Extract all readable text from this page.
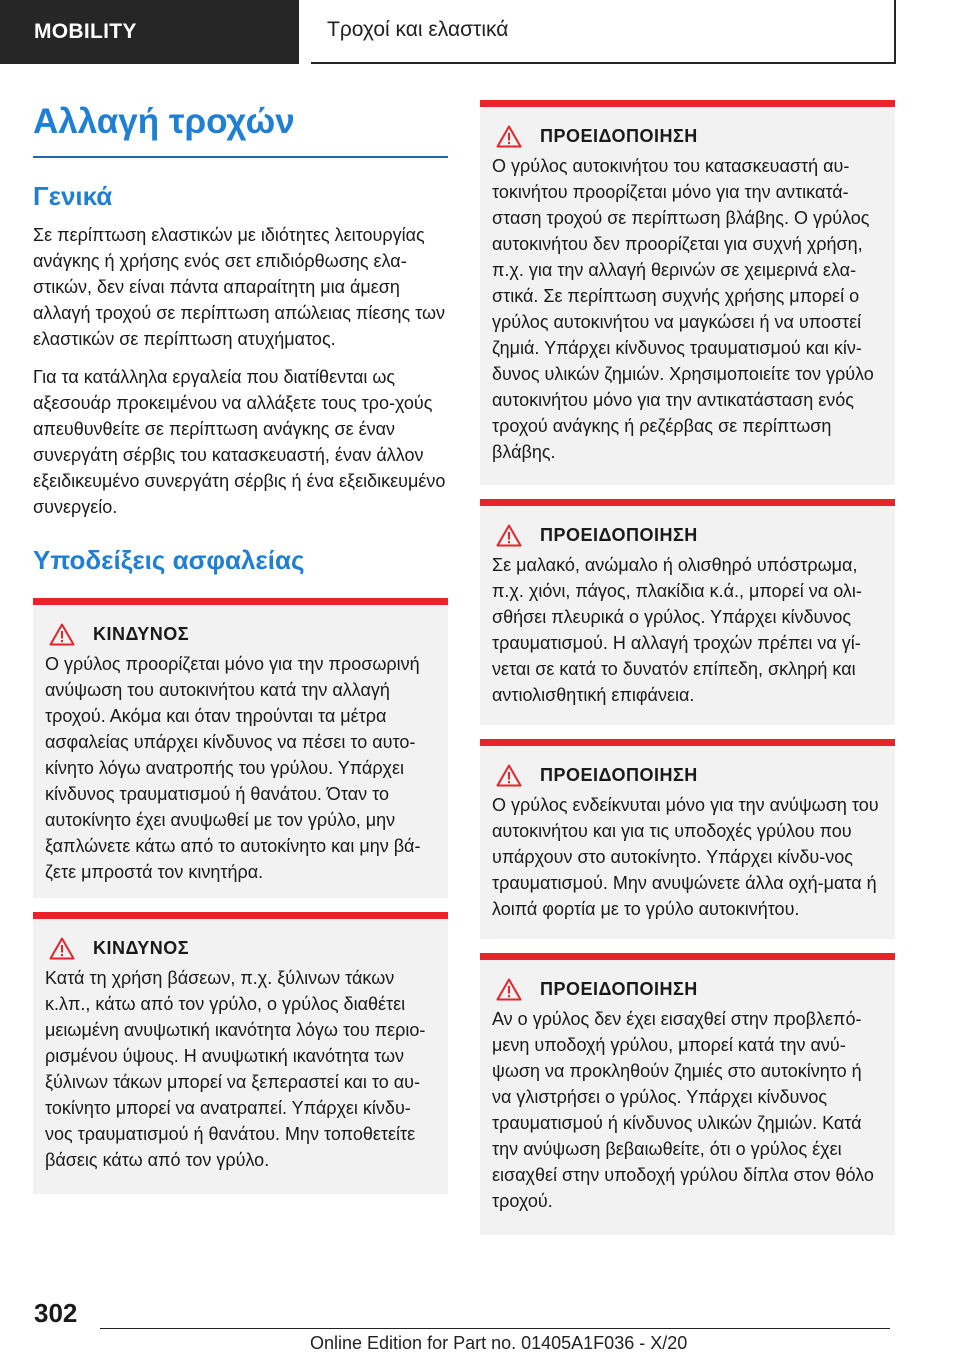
MOBILITY	Τροχοί και ελαστικά
Αλλαγή τροχών
Γενικά

Σε περίπτωση ελαστικών με ιδιότητες λειτουργίας ανάγκης ή χρήσης ενός σετ επιδιόρθωσης ελα-στικών, δεν είναι πάντα απαραίτητη μια άμεση αλλαγή τροχού σε περίπτωση απώλειας πίεσης των ελαστικών σε περίπτωση ατυχήματος.

Για τα κατάλληλα εργαλεία που διατίθενται ως αξεσουάρ προκειμένου να αλλάξετε τους τρο-χούς απευθυνθείτε σε περίπτωση ανάγκης σε έναν συνεργάτη σέρβις του κατασκευαστή, έναν άλλον εξειδικευμένο συνεργάτη σέρβις ή ένα εξειδικευμένο συνεργείο.

Υποδείξεις ασφαλείας
ΚΙΝΔΥΝΟΣ

Ο γρύλος προορίζεται μόνο για την προσωρινή ανύψωση του αυτοκινήτου κατά την αλλαγή τροχού. Ακόμα και όταν τηρούνται τα μέτρα ασφαλείας υπάρχει κίνδυνος να πέσει το αυτο-κίνητο λόγω ανατροπής του γρύλου. Υπάρχει κίνδυνος τραυματισμού ή θανάτου. Όταν το αυτοκίνητο έχει ανυψωθεί με τον γρύλο, μην ξαπλώνετε κάτω από το αυτοκίνητο και μην βά-ζετε μπροστά τον κινητήρα.

ΚΙΝΔΥΝΟΣ

Κατά τη χρήση βάσεων, π.χ. ξύλινων τάκων κ.λπ., κάτω από τον γρύλο, ο γρύλος διαθέτει μειωμένη ανυψωτική ικανότητα λόγω του περιο-ρισμένου ύψους. Η ανυψωτική ικανότητα των ξύλινων τάκων μπορεί να ξεπεραστεί και το αυ-τοκίνητο μπορεί να ανατραπεί. Υπάρχει κίνδυ-νος τραυματισμού ή θανάτου. Μην τοποθετείτε βάσεις κάτω από τον γρύλο.

ΠΡΟΕΙΔΟΠΟΙΗΣΗ

Ο γρύλος αυτοκινήτου του κατασκευαστή αυ-τοκινήτου προορίζεται μόνο για την αντικατά-σταση τροχού σε περίπτωση βλάβης. Ο γρύλος αυτοκινήτου δεν προορίζεται για συχνή χρήση, π.χ. για την αλλαγή θερινών σε χειμερινά ελα-στικά. Σε περίπτωση συχνής χρήσης μπορεί ο γρύλος αυτοκινήτου να μαγκώσει ή να υποστεί ζημιά. Υπάρχει κίνδυνος τραυματισμού και κίν-δυνος υλικών ζημιών. Χρησιμοποιείτε τον γρύλο αυτοκινήτου μόνο για την αντικατάσταση ενός τροχού ανάγκης ή ρεζέρβας σε περίπτωση βλάβης.

ΠΡΟΕΙΔΟΠΟΙΗΣΗ

Σε μαλακό, ανώμαλο ή ολισθηρό υπόστρωμα, π.χ. χιόνι, πάγος, πλακίδια κ.ά., μπορεί να ολι-σθήσει πλευρικά ο γρύλος. Υπάρχει κίνδυνος τραυματισμού. Η αλλαγή τροχών πρέπει να γί-νεται σε κατά το δυνατόν επίπεδη, σκληρή και αντιολισθητική επιφάνεια.

ΠΡΟΕΙΔΟΠΟΙΗΣΗ

Ο γρύλος ενδείκνυται μόνο για την ανύψωση του αυτοκινήτου και για τις υποδοχές γρύλου που υπάρχουν στο αυτοκίνητο. Υπάρχει κίνδυ-νος τραυματισμού. Μην ανυψώνετε άλλα οχή-ματα ή λοιπά φορτία με το γρύλο αυτοκινήτου.

ΠΡΟΕΙΔΟΠΟΙΗΣΗ

Αν ο γρύλος δεν έχει εισαχθεί στην προβλεπό-μενη υποδοχή γρύλου, μπορεί κατά την ανύ-ψωση να προκληθούν ζημιές στο αυτοκίνητο ή να γλιστρήσει ο γρύλος. Υπάρχει κίνδυνος τραυματισμού ή κίνδυνος υλικών ζημιών. Κατά την ανύψωση βεβαιωθείτε, ότι ο γρύλος έχει εισαχθεί στην υποδοχή γρύλου δίπλα στον θόλο τροχού.

302
Online Edition for Part no. 01405A1F036 - X/20
